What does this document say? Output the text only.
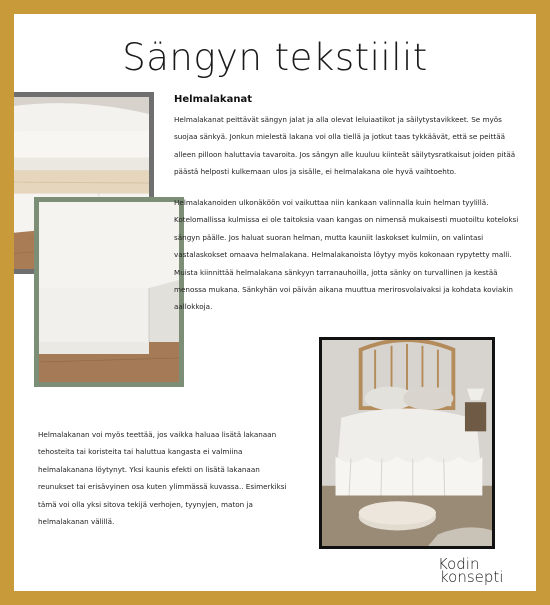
Sängyn tekstiilit
Helmalakanat

Helmalakanat peittävät sängyn jalat ja alla olevat leluiaatikot ja säilytystavikkeet. Se myös suojaa sänkyä. Jonkun mielestä lakana voi olla tiellä ja jotkut taas tykkäävät, että se peittää alleen pilloon haluttavia tavaroita. Jos sängyn alle kuuluu kiinteät säilytysratkaisut joiden pitää päästä helposti kulkemaan ulos ja sisälle, ei helmalakana ole hyvä vaihtoehto.

Helmalakanoiden ulkonäköön voi vaikuttaa niin kankaan valinnalla kuin helman tyylillä. Kotelomallissa kulmissa ei ole taitoksia vaan kangas on nimensä mukaisesti muotoiltu koteloksi sängyn päälle. Jos haluat suoran helman, mutta kauniit laskokset kulmiin, on valintasi vastalaskokset omaava helmalakana. Helmalakanoista löytyy myös kokonaan rypytetty malli. Muista kiinnittää helmalakana sänkyyn tarranauhoilla, jotta sänky on turvallinen ja kestää menossa mukana. Sänkyhän voi päivän aikana muuttua merirosvolaivaksi ja kohdata koviakin aallokkoja.

Helmalakanan voi myös teettää, jos vaikka haluaa lisätä lakanaan tehosteita tai koristeita tai haluttua kangasta ei valmiina helmalakanana löytynyt. Yksi kaunis efekti on lisätä lakanaan reunukset tai erisävyinen osa kuten ylimmässä kuvassa.. Esimerkiksi tämä voi olla yksi sitova tekijä verhojen, tyynyjen, maton ja helmalakanan välillä.

Kodin
konsepti
